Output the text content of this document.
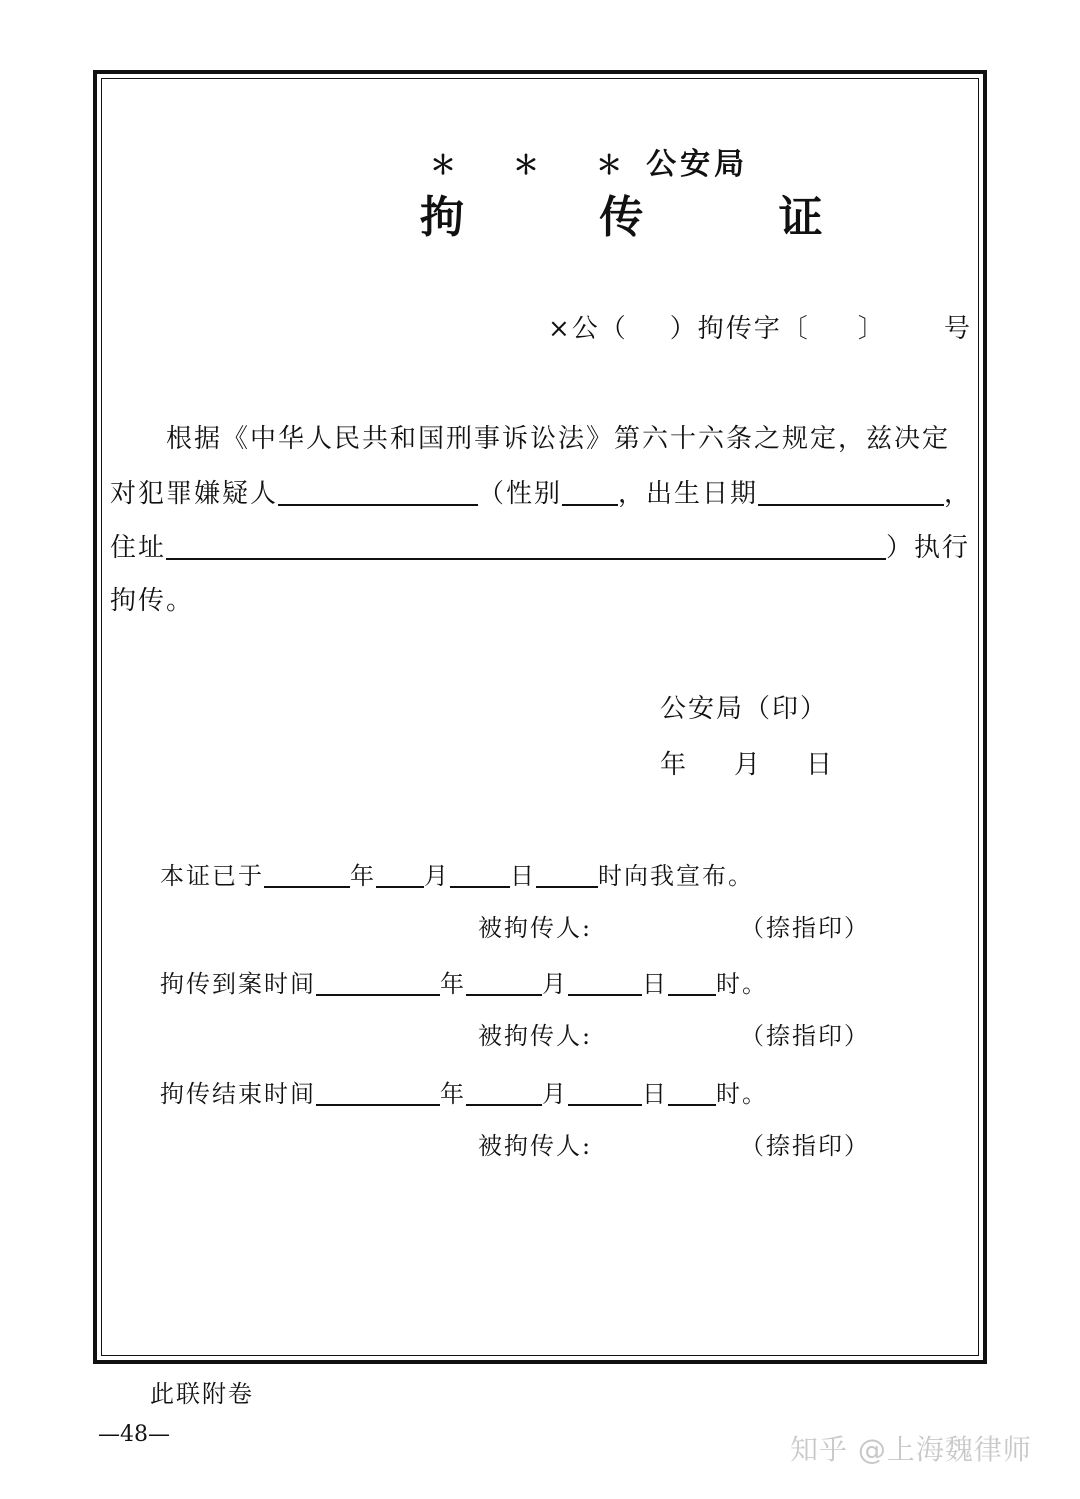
＊ ＊ ＊公安局
拘 传 证
×公（ ）拘传字〔 〕 号
根据《中华人民共和国刑事诉讼法》第六十六条之规定，兹决定
对犯罪嫌疑人	（性别 ，出生日期	，
住址	）执行
拘传。
公安局（印）
年 月 日
本证已于	年 月	日	时向我宣布。
被拘传人:	（捺指印）
拘传到案时间	年	月	日 时。
被拘传人:	（捺指印）
拘传结束时间	年	月	日 时。
被拘传人:	（捺指印）
此联附卷
—48—	知乎 @上海魏律师
